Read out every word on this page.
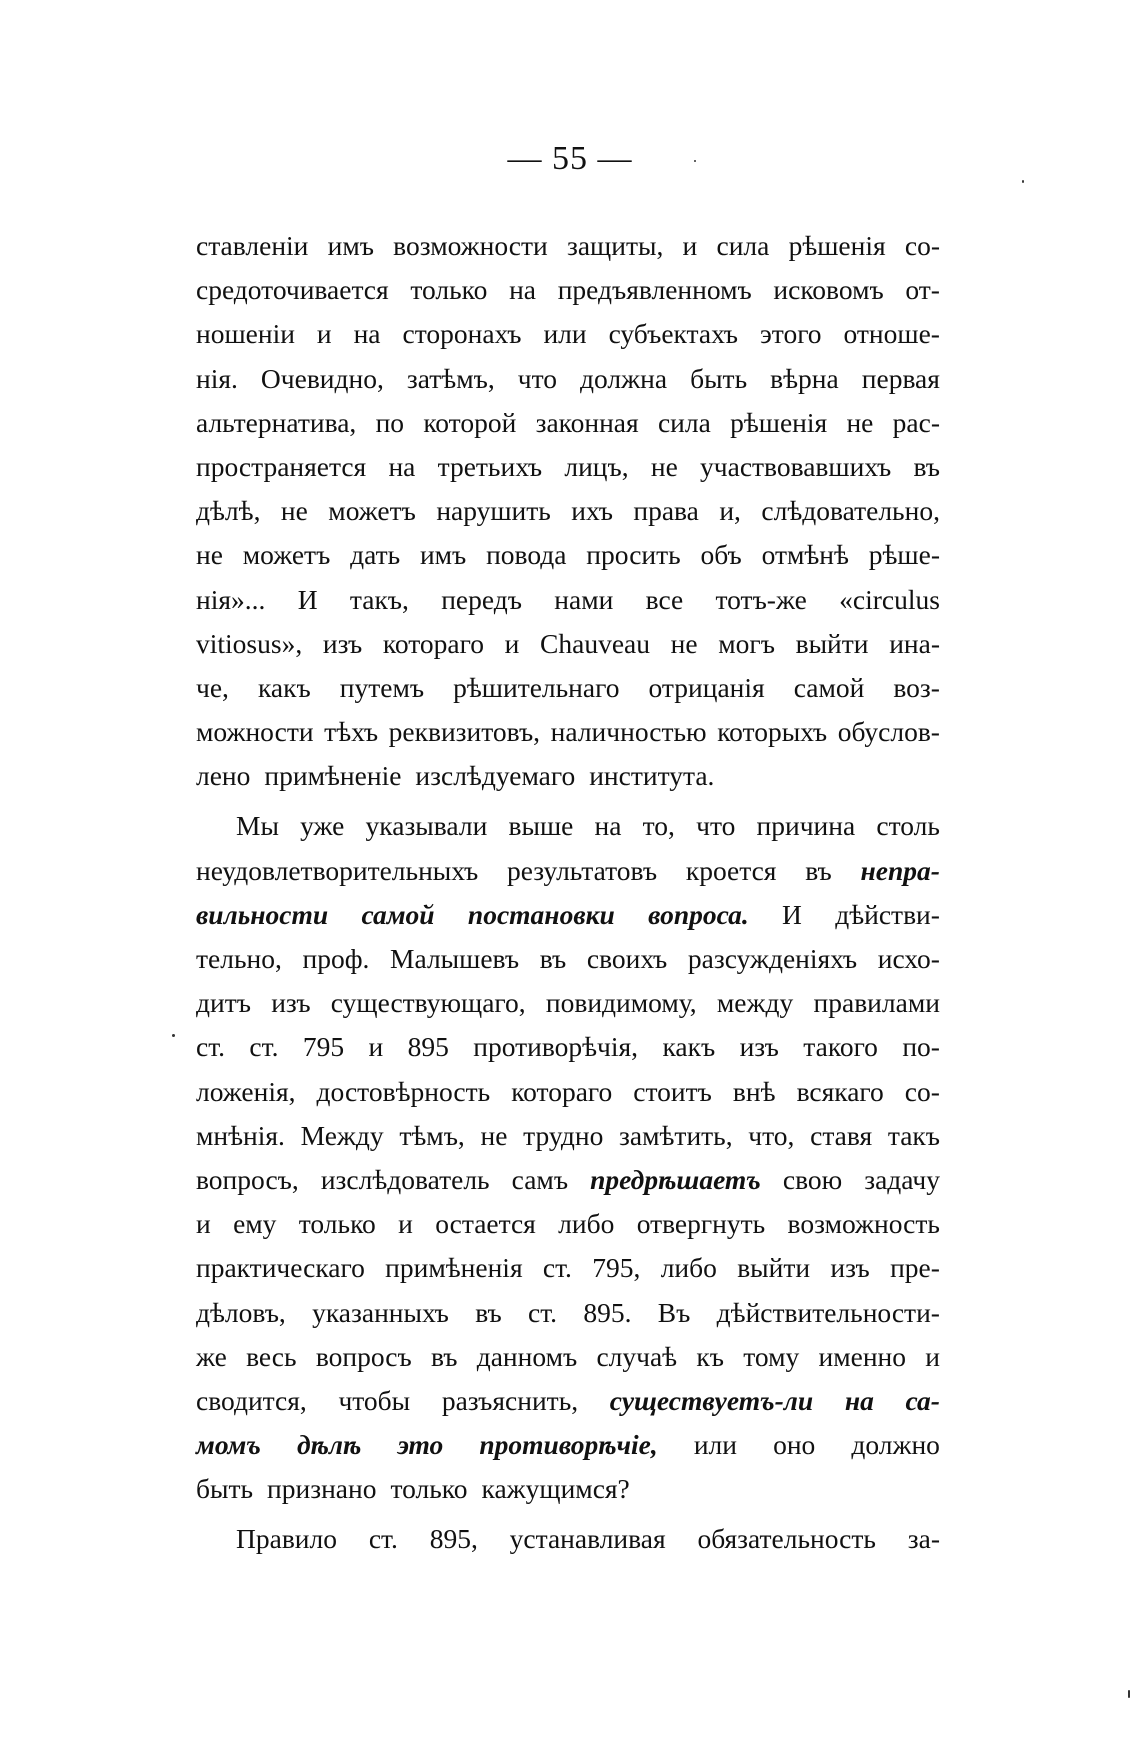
— 55 —
ставленіи имъ возможности защиты, и сила рѣшенія со-
средоточивается только на предъявленномъ исковомъ от-
ношеніи и на сторонахъ или субъектахъ этого отноше-
нія. Очевидно, затѣмъ, что должна быть вѣрна первая
альтернатива, по которой законная сила рѣшенія не рас-
пространяется на третьихъ лицъ, не участвовавшихъ въ
дѣлѣ, не можетъ нарушить ихъ права и, слѣдовательно,
не можетъ дать имъ повода просить объ отмѣнѣ рѣше-
нія»... И такъ, передъ нами все тотъ-же «circulus
vitiosus», изъ котораго и Chauveau не могъ выйти ина-
че, какъ путемъ рѣшительнаго отрицанія самой воз-
можности тѣхъ реквизитовъ, наличностью которыхъ обуслов-
лено примѣненіе изслѣдуемаго института.
Мы уже указывали выше на то, что причина столь
неудовлетворительныхъ результатовъ кроется въ непра-
вильности самой постановки вопроса. И дѣйстви-
тельно, проф. Малышевъ въ своихъ разсужденіяхъ исхо-
дитъ изъ существующаго, повидимому, между правилами
ст. ст. 795 и 895 противорѣчія, какъ изъ такого по-
ложенія, достовѣрность котораго стоитъ внѣ всякаго со-
мнѣнія. Между тѣмъ, не трудно замѣтить, что, ставя такъ
вопросъ, изслѣдователь самъ предрѣшаетъ свою задачу
и ему только и остается либо отвергнуть возможность
практическаго примѣненія ст. 795, либо выйти изъ пре-
дѣловъ, указанныхъ въ ст. 895. Въ дѣйствительности-
же весь вопросъ въ данномъ случаѣ къ тому именно и
сводится, чтобы разъяснить, существуетъ-ли на са-
момъ дѣлѣ это противорѣчіе, или оно должно
быть признано только кажущимся?
Правило ст. 895, устанавливая обязательность за-
